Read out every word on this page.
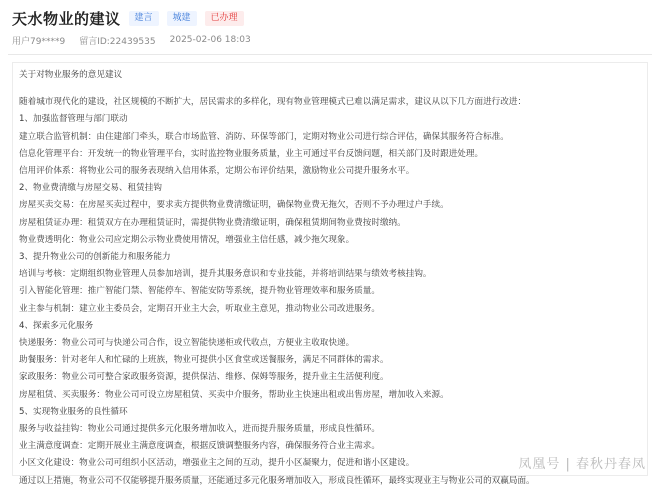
天水物业的建议	建言	城建	已办理
用户79****9 留言ID:22439535 2025-02-06 18:03
关于对物业服务的意见建议
随着城市现代化的建设，社区规模的不断扩大，居民需求的多样化，现有物业管理模式已难以满足需求，建议从以下几方面进行改进：
1、加强监督管理与部门联动
建立联合监管机制：由住建部门牵头，联合市场监管、消防、环保等部门，定期对物业公司进行综合评估，确保其服务符合标准。
信息化管理平台：开发统一的物业管理平台，实时监控物业服务质量，业主可通过平台反馈问题，相关部门及时跟进处理。
信用评价体系：将物业公司的服务表现纳入信用体系，定期公布评价结果，激励物业公司提升服务水平。
2、物业费清缴与房屋交易、租赁挂钩
房屋买卖交易：在房屋买卖过程中，要求卖方提供物业费清缴证明，确保物业费无拖欠，否则不予办理过户手续。
房屋租赁证办理：租赁双方在办理租赁证时，需提供物业费清缴证明，确保租赁期间物业费按时缴纳。
物业费透明化：物业公司应定期公示物业费使用情况，增强业主信任感，减少拖欠现象。
3、提升物业公司的创新能力和服务能力
培训与考核：定期组织物业管理人员参加培训，提升其服务意识和专业技能，并将培训结果与绩效考核挂钩。
引入智能化管理：推广智能门禁、智能停车、智能安防等系统，提升物业管理效率和服务质量。
业主参与机制：建立业主委员会，定期召开业主大会，听取业主意见，推动物业公司改进服务。
4、探索多元化服务
快递服务：物业公司可与快递公司合作，设立智能快递柜或代收点，方便业主收取快递。
助餐服务：针对老年人和忙碌的上班族，物业可提供小区食堂或送餐服务，满足不同群体的需求。
家政服务：物业公司可整合家政服务资源，提供保洁、维修、保姆等服务，提升业主生活便利度。
房屋租赁、买卖服务：物业公司可设立房屋租赁、买卖中介服务，帮助业主快速出租或出售房屋，增加收入来源。
5、实现物业服务的良性循环
服务与收益挂钩：物业公司通过提供多元化服务增加收入，进而提升服务质量，形成良性循环。
业主满意度调查：定期开展业主满意度调查，根据反馈调整服务内容，确保服务符合业主需求。
小区文化建设：物业公司可组织小区活动，增强业主之间的互动，提升小区凝聚力，促进和谐小区建设。
通过以上措施，物业公司不仅能够提升服务质量，还能通过多元化服务增加收入，形成良性循环，最终实现业主与物业公司的双赢局面。
凤凰号 | 春秋丹春凤
